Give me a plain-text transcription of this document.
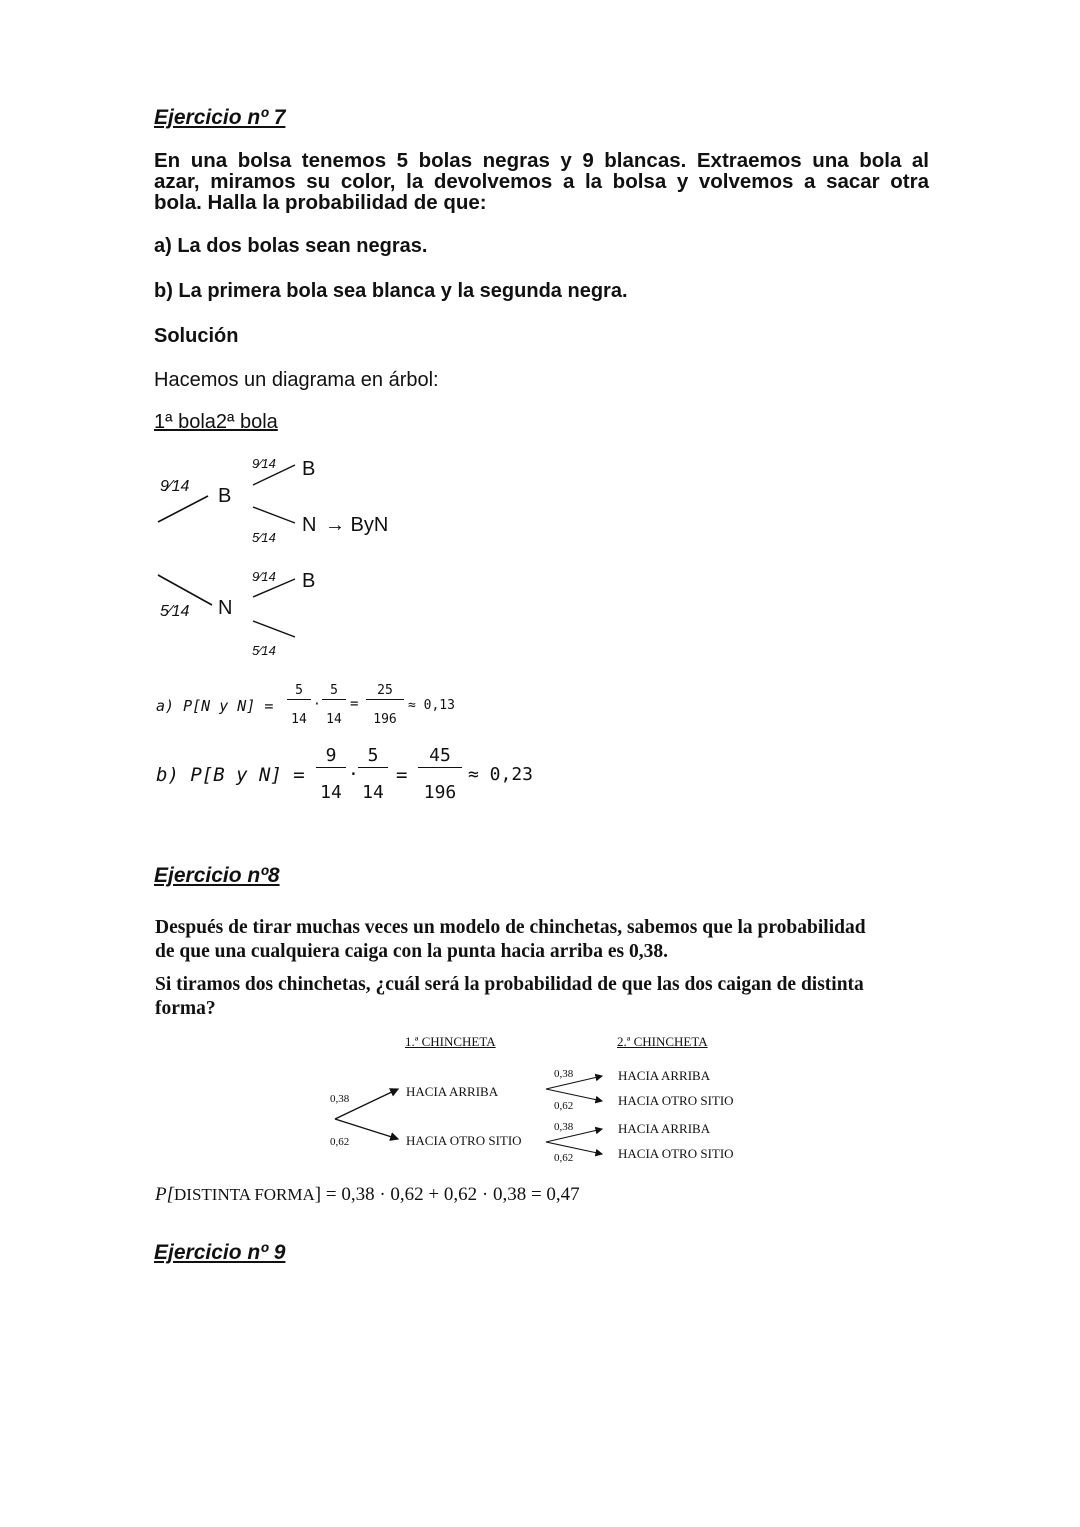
Ejercicio nº 7
En una bolsa tenemos 5 bolas negras y 9 blancas. Extraemos una bola al
azar, miramos su color, la devolvemos a la bolsa y volvemos a sacar otra
bola. Halla la probabilidad de que:
a) La dos bolas sean negras.
b) La primera bola sea blanca y la segunda negra.
Solución
Hacemos un diagrama en árbol:
1ª bola2ª bola
9⁄14 B
5⁄14 N
9⁄14 B
5⁄14
N → ByN
9⁄14 B
5⁄14
a) P[N y N] =
5
14
·
5
14
=
25
196
≈ 0,13
b) P[B y N] =
9
14
·
5
14
=
45
196
≈ 0,23
Ejercicio nº8
Después de tirar muchas veces un modelo de chinchetas, sabemos que la probabilidad
de que una cualquiera caiga con la punta hacia arriba es 0,38.
Si tiramos dos chinchetas, ¿cuál será la probabilidad de que las dos caigan de distinta
forma?
1.ª CHINCHETA	2.ª CHINCHETA
0,38
0,62
HACIA ARRIBA
HACIA OTRO SITIO
0,38	HACIA ARRIBA
0,62	HACIA OTRO SITIO
0,38	HACIA ARRIBA
0,62	HACIA OTRO SITIO
P[DISTINTA FORMA] = 0,38 · 0,62 + 0,62 · 0,38 = 0,47
Ejercicio nº 9
